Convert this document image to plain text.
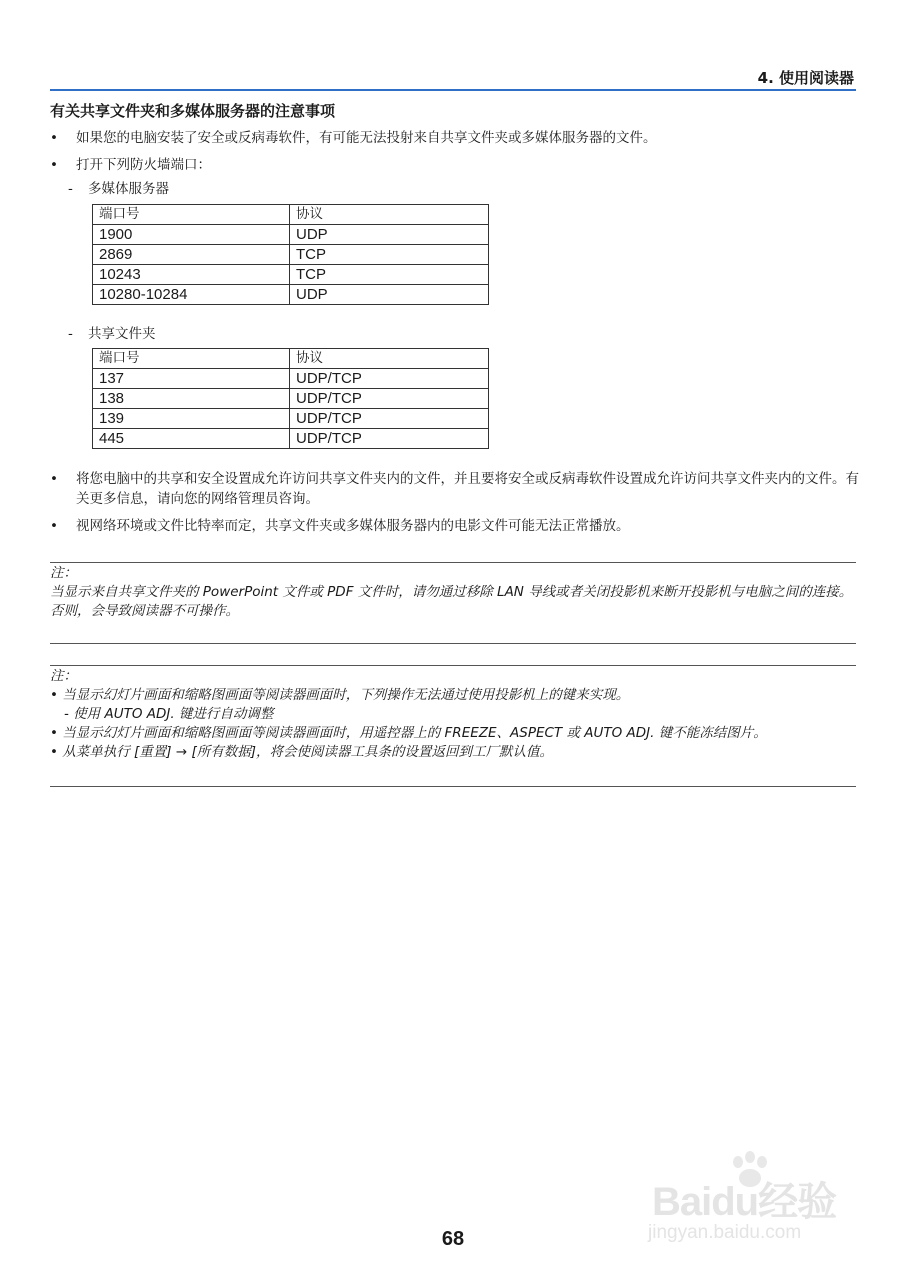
4. 使用阅读器
有关共享文件夹和多媒体服务器的注意事项
•	如果您的电脑安装了安全或反病毒软件，有可能无法投射来自共享文件夹或多媒体服务器的文件。
•	打开下列防火墙端口：
- 多媒体服务器
端口号	协议
1900	UDP
2869	TCP
10243	TCP
10280-10284	UDP
- 共享文件夹
端口号	协议
137	UDP/TCP
138	UDP/TCP
139	UDP/TCP
445	UDP/TCP
•	将您电脑中的共享和安全设置成允许访问共享文件夹内的文件，并且要将安全或反病毒软件设置成允许访问共享文件夹内的文件。有关更多信息，请向您的网络管理员咨询。
•	视网络环境或文件比特率而定，共享文件夹或多媒体服务器内的电影文件可能无法正常播放。
注：
当显示来自共享文件夹的 PowerPoint 文件或 PDF 文件时，请勿通过移除 LAN 导线或者关闭投影机来断开投影机与电脑之间的连接。
否则，会导致阅读器不可操作。
注：
• 当显示幻灯片画面和缩略图画面等阅读器画面时，下列操作无法通过使用投影机上的键来实现。
- 使用 AUTO ADJ. 键进行自动调整
• 当显示幻灯片画面和缩略图画面等阅读器画面时，用遥控器上的 FREEZE、ASPECT 或 AUTO ADJ. 键不能冻结图片。
• 从菜单执行 [重置] → [所有数据]，将会使阅读器工具条的设置返回到工厂默认值。
Baidu经验
jingyan.baidu.com
68
